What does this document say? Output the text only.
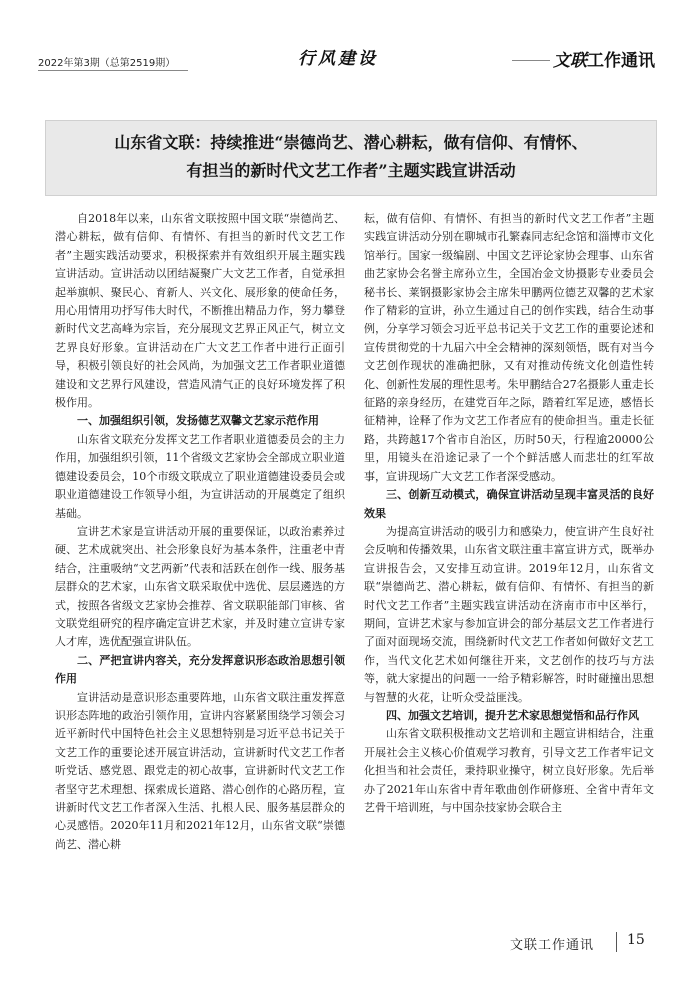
2022年第3期（总第2519期）	行风建设	文联工作通讯
山东省文联：持续推进“崇德尚艺、潜心耕耘，做有信仰、有情怀、
有担当的新时代文艺工作者”主题实践宣讲活动

自2018年以来，山东省文联按照中国文联“崇德尚艺、潜心耕耘，做有信仰、有情怀、有担当的新时代文艺工作者”主题实践活动要求，积极探索并有效组织开展主题实践宣讲活动。宣讲活动以团结凝聚广大文艺工作者，自觉承担起举旗帜、聚民心、育新人、兴文化、展形象的使命任务，用心用情用功抒写伟大时代，不断推出精品力作，努力攀登新时代文艺高峰为宗旨，充分展现文艺界正风正气，树立文艺界良好形象。宣讲活动在广大文艺工作者中进行正面引导，积极引领良好的社会风尚，为加强文艺工作者职业道德建设和文艺界行风建设，营造风清气正的良好环境发挥了积极作用。

一、加强组织引领，发扬德艺双馨文艺家示范作用

山东省文联充分发挥文艺工作者职业道德委员会的主力作用，加强组织引领，11个省级文艺家协会全部成立职业道德建设委员会，10个市级文联成立了职业道德建设委员会或职业道德建设工作领导小组，为宣讲活动的开展奠定了组织基础。

宣讲艺术家是宣讲活动开展的重要保证，以政治素养过硬、艺术成就突出、社会形象良好为基本条件，注重老中青结合，注重吸纳“文艺两新”代表和活跃在创作一线、服务基层群众的艺术家，山东省文联采取优中选优、层层遴选的方式，按照各省级文艺家协会推荐、省文联职能部门审核、省文联党组研究的程序确定宣讲艺术家，并及时建立宣讲专家人才库，选优配强宣讲队伍。

二、严把宣讲内容关，充分发挥意识形态政治思想引领作用

宣讲活动是意识形态重要阵地，山东省文联注重发挥意识形态阵地的政治引领作用，宣讲内容紧紧围绕学习领会习近平新时代中国特色社会主义思想特别是习近平总书记关于文艺工作的重要论述开展宣讲活动，宣讲新时代文艺工作者听党话、感党恩、跟党走的初心故事，宣讲新时代文艺工作者坚守艺术理想、探索成长道路、潜心创作的心路历程，宣讲新时代文艺工作者深入生活、扎根人民、服务基层群众的心灵感悟。2020年11月和2021年12月，山东省文联“崇德尚艺、潜心耕

耘，做有信仰、有情怀、有担当的新时代文艺工作者”主题实践宣讲活动分别在聊城市孔繁森同志纪念馆和淄博市文化馆举行。国家一级编剧、中国文艺评论家协会理事、山东省曲艺家协会名誉主席孙立生，全国冶金文协摄影专业委员会秘书长、莱钢摄影家协会主席朱甲鹏两位德艺双馨的艺术家作了精彩的宣讲，孙立生通过自己的创作实践，结合生动事例，分享学习领会习近平总书记关于文艺工作的重要论述和宣传贯彻党的十九届六中全会精神的深刻领悟，既有对当今文艺创作现状的准确把脉，又有对推动传统文化创造性转化、创新性发展的理性思考。朱甲鹏结合27名摄影人重走长征路的亲身经历，在建党百年之际，踏着红军足迹，感悟长征精神，诠释了作为文艺工作者应有的使命担当。重走长征路，共跨越17个省市自治区，历时50天，行程逾20000公里，用镜头在沿途记录了一个个鲜活感人而悲壮的红军故事，宣讲现场广大文艺工作者深受感动。

三、创新互动模式，确保宣讲活动呈现丰富灵活的良好效果

为提高宣讲活动的吸引力和感染力，使宣讲产生良好社会反响和传播效果，山东省文联注重丰富宣讲方式，既举办宣讲报告会，又安排互动宣讲。2019年12月，山东省文联“崇德尚艺、潜心耕耘，做有信仰、有情怀、有担当的新时代文艺工作者”主题实践宣讲活动在济南市市中区举行，期间，宣讲艺术家与参加宣讲会的部分基层文艺工作者进行了面对面现场交流，围绕新时代文艺工作者如何做好文艺工作，当代文化艺术如何继往开来，文艺创作的技巧与方法等，就大家提出的问题一一给予精彩解答，时时碰撞出思想与智慧的火花，让听众受益匪浅。

四、加强文艺培训，提升艺术家思想觉悟和品行作风

山东省文联积极推动文艺培训和主题宣讲相结合，注重开展社会主义核心价值观学习教育，引导文艺工作者牢记文化担当和社会责任，秉持职业操守，树立良好形象。先后举办了2021年山东省中青年歌曲创作研修班、全省中青年文艺骨干培训班，与中国杂技家协会联合主

文联工作通讯 15
